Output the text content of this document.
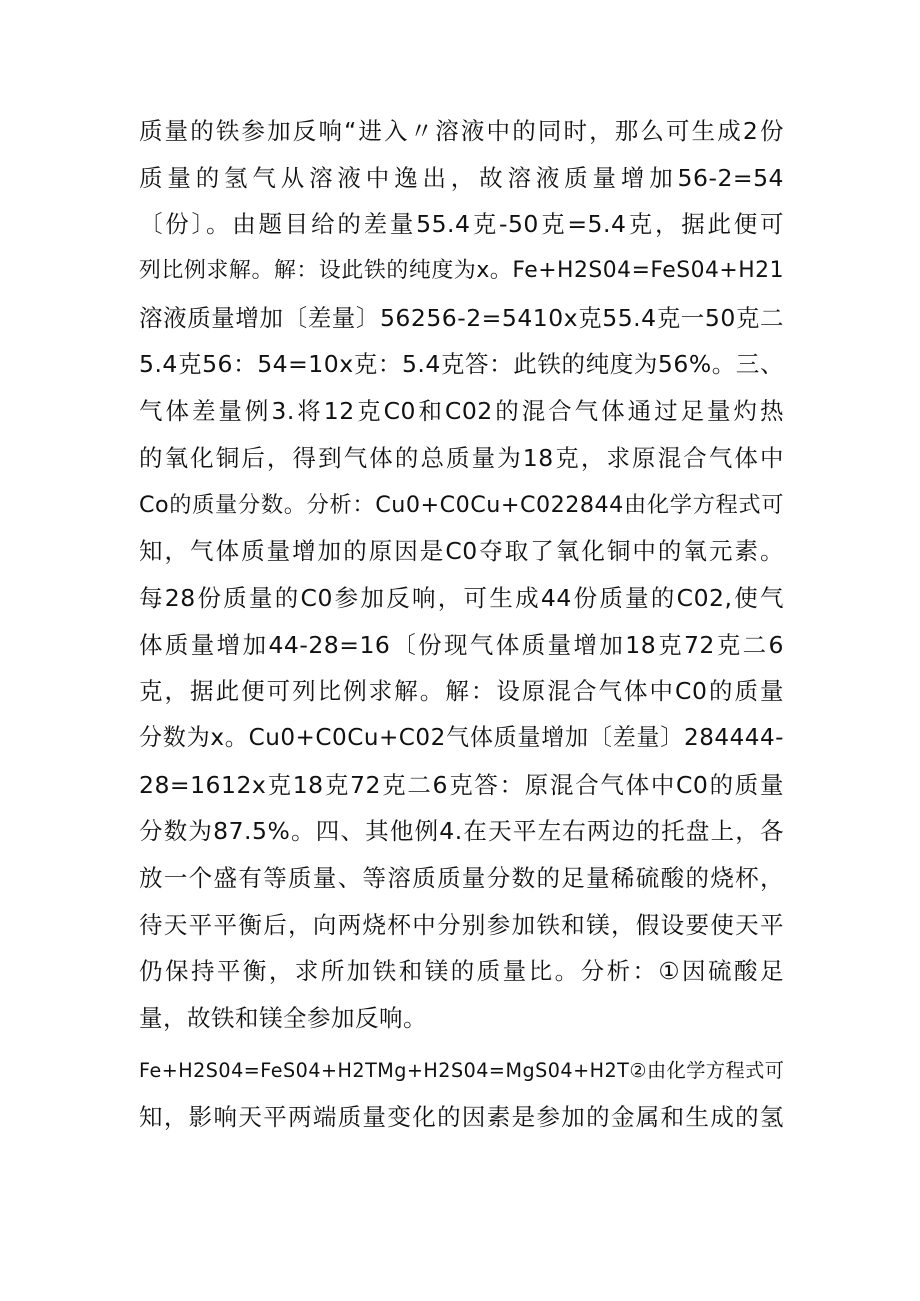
质量的铁参加反响“进入〃溶液中的同时，那么可生成2份
质量的氢气从溶液中逸出，故溶液质量增加56-2=54
〔份〕。由题目给的差量55.4克-50克=5.4克，据此便可
列比例求解。解：设此铁的纯度为x。Fe+H2S04=FeS04+H21
溶液质量增加〔差量〕56256-2=5410x克55.4克一50克二
5.4克56：54=10x克：5.4克答：此铁的纯度为56%。三、
气体差量例3.将12克C0和C02的混合气体通过足量灼热
的氧化铜后，得到气体的总质量为18克，求原混合气体中
Co的质量分数。分析：Cu0+C0Cu+C022844由化学方程式可
知，气体质量增加的原因是C0夺取了氧化铜中的氧元素。
每28份质量的C0参加反响，可生成44份质量的C02,使气
体质量增加44-28=16〔份现气体质量增加18克72克二6
克，据此便可列比例求解。解：设原混合气体中C0的质量
分数为x。Cu0+C0Cu+C02气体质量增加〔差量〕284444-
28=1612x克18克72克二6克答：原混合气体中C0的质量
分数为87.5%。四、其他例4.在天平左右两边的托盘上，各
放一个盛有等质量、等溶质质量分数的足量稀硫酸的烧杯，
待天平平衡后，向两烧杯中分别参加铁和镁，假设要使天平
仍保持平衡，求所加铁和镁的质量比。分析：①因硫酸足
量，故铁和镁全参加反响。
Fe+H2S04=FeS04+H2TMg+H2S04=MgS04+H2T②由化学方程式可
知，影响天平两端质量变化的因素是参加的金属和生成的氢
